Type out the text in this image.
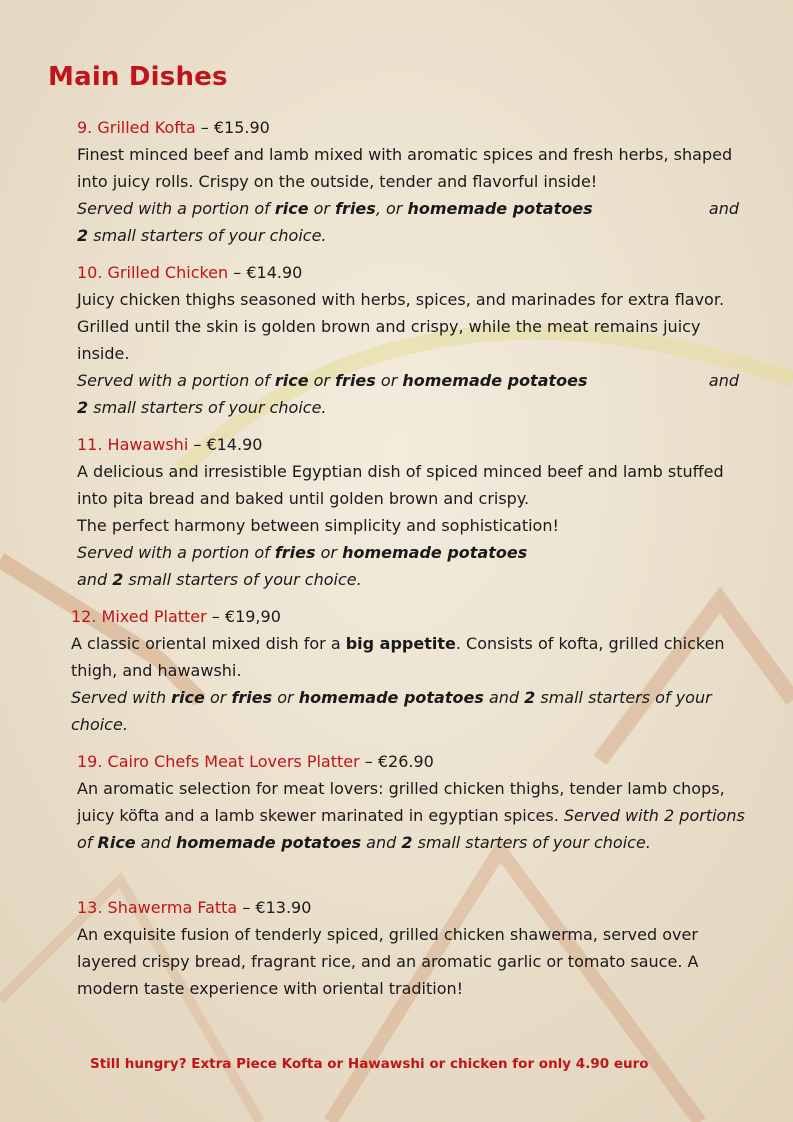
Main Dishes
9. Grilled Kofta – €15.90
Finest minced beef and lamb mixed with aromatic spices and fresh herbs, shaped into juicy rolls. Crispy on the outside, tender and flavorful inside!
Served with a portion of rice or fries, or homemade potatoes	and

2 small starters of your choice.
10. Grilled Chicken – €14.90
Juicy chicken thighs seasoned with herbs, spices, and marinades for extra flavor. Grilled until the skin is golden brown and crispy, while the meat remains juicy inside.
Served with a portion of rice or fries or homemade potatoes	and

2 small starters of your choice.
11. Hawawshi – €14.90
A delicious and irresistible Egyptian dish of spiced minced beef and lamb stuffed into pita bread and baked until golden brown and crispy.
The perfect harmony between simplicity and sophistication!
Served with a portion of fries or homemade potatoes
and 2 small starters of your choice.
12. Mixed Platter – €19,90
A classic oriental mixed dish for a big appetite. Consists of kofta, grilled chicken thigh, and hawawshi.
Served with rice or fries or homemade potatoes and 2 small starters of your choice.
19. Cairo Chefs Meat Lovers Platter – €26.90
An aromatic selection for meat lovers: grilled chicken thighs, tender lamb chops, juicy köfta and a lamb skewer marinated in egyptian spices. Served with 2 portions of Rice and homemade potatoes and 2 small starters of your choice.
13. Shawerma Fatta – €13.90
An exquisite fusion of tenderly spiced, grilled chicken shawerma, served over layered crispy bread, fragrant rice, and an aromatic garlic or tomato sauce. A modern taste experience with oriental tradition!
Still hungry? Extra Piece Kofta or Hawawshi or chicken for only 4.90 euro
